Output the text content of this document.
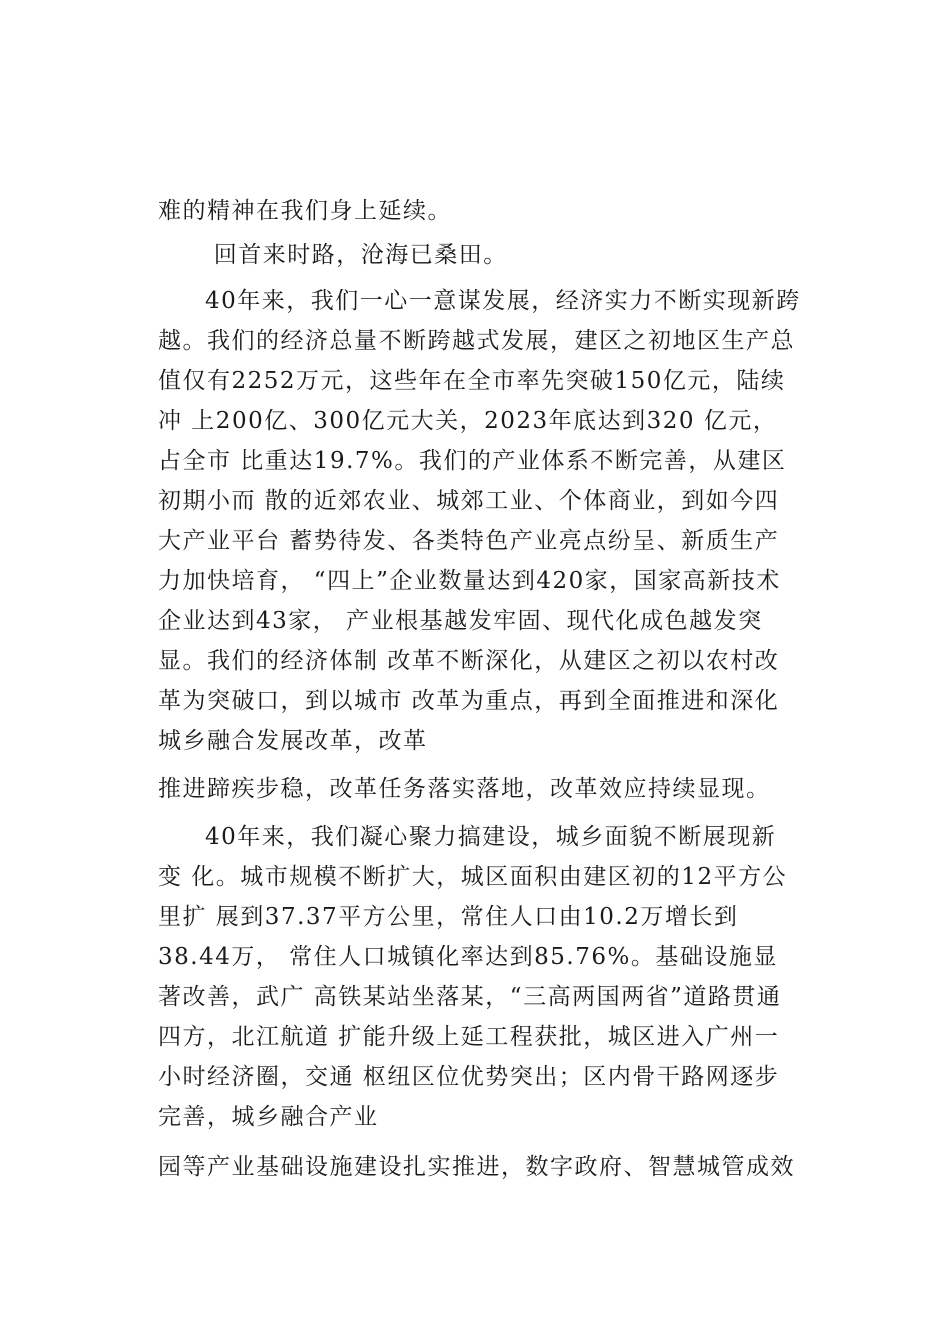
难的精神在我们身上延续。
回首来时路，沧海已桑田。
40年来，我们一心一意谋发展，经济实力不断实现新跨
越。我们的经济总量不断跨越式发展，建区之初地区生产总
值仅有2252万元，这些年在全市率先突破150亿元，陆续
冲 上200亿、300亿元大关，2023年底达到320 亿元，
占全市 比重达19.7%。我们的产业体系不断完善，从建区
初期小而 散的近郊农业、城郊工业、个体商业，到如今四
大产业平台 蓄势待发、各类特色产业亮点纷呈、新质生产
力加快培育， “四上”企业数量达到420家，国家高新技术
企业达到43家， 产业根基越发牢固、现代化成色越发突
显。我们的经济体制 改革不断深化，从建区之初以农村改
革为突破口，到以城市 改革为重点，再到全面推进和深化
城乡融合发展改革，改革
推进蹄疾步稳，改革任务落实落地，改革效应持续显现。
40年来，我们凝心聚力搞建设，城乡面貌不断展现新
变 化。城市规模不断扩大，城区面积由建区初的12平方公
里扩 展到37.37平方公里，常住人口由10.2万增长到
38.44万， 常住人口城镇化率达到85.76%。基础设施显
著改善，武广 高铁某站坐落某，“三高两国两省”道路贯通
四方，北江航道 扩能升级上延工程获批，城区进入广州一
小时经济圈，交通 枢纽区位优势突出；区内骨干路网逐步
完善，城乡融合产业
园等产业基础设施建设扎实推进，数字政府、智慧城管成效
